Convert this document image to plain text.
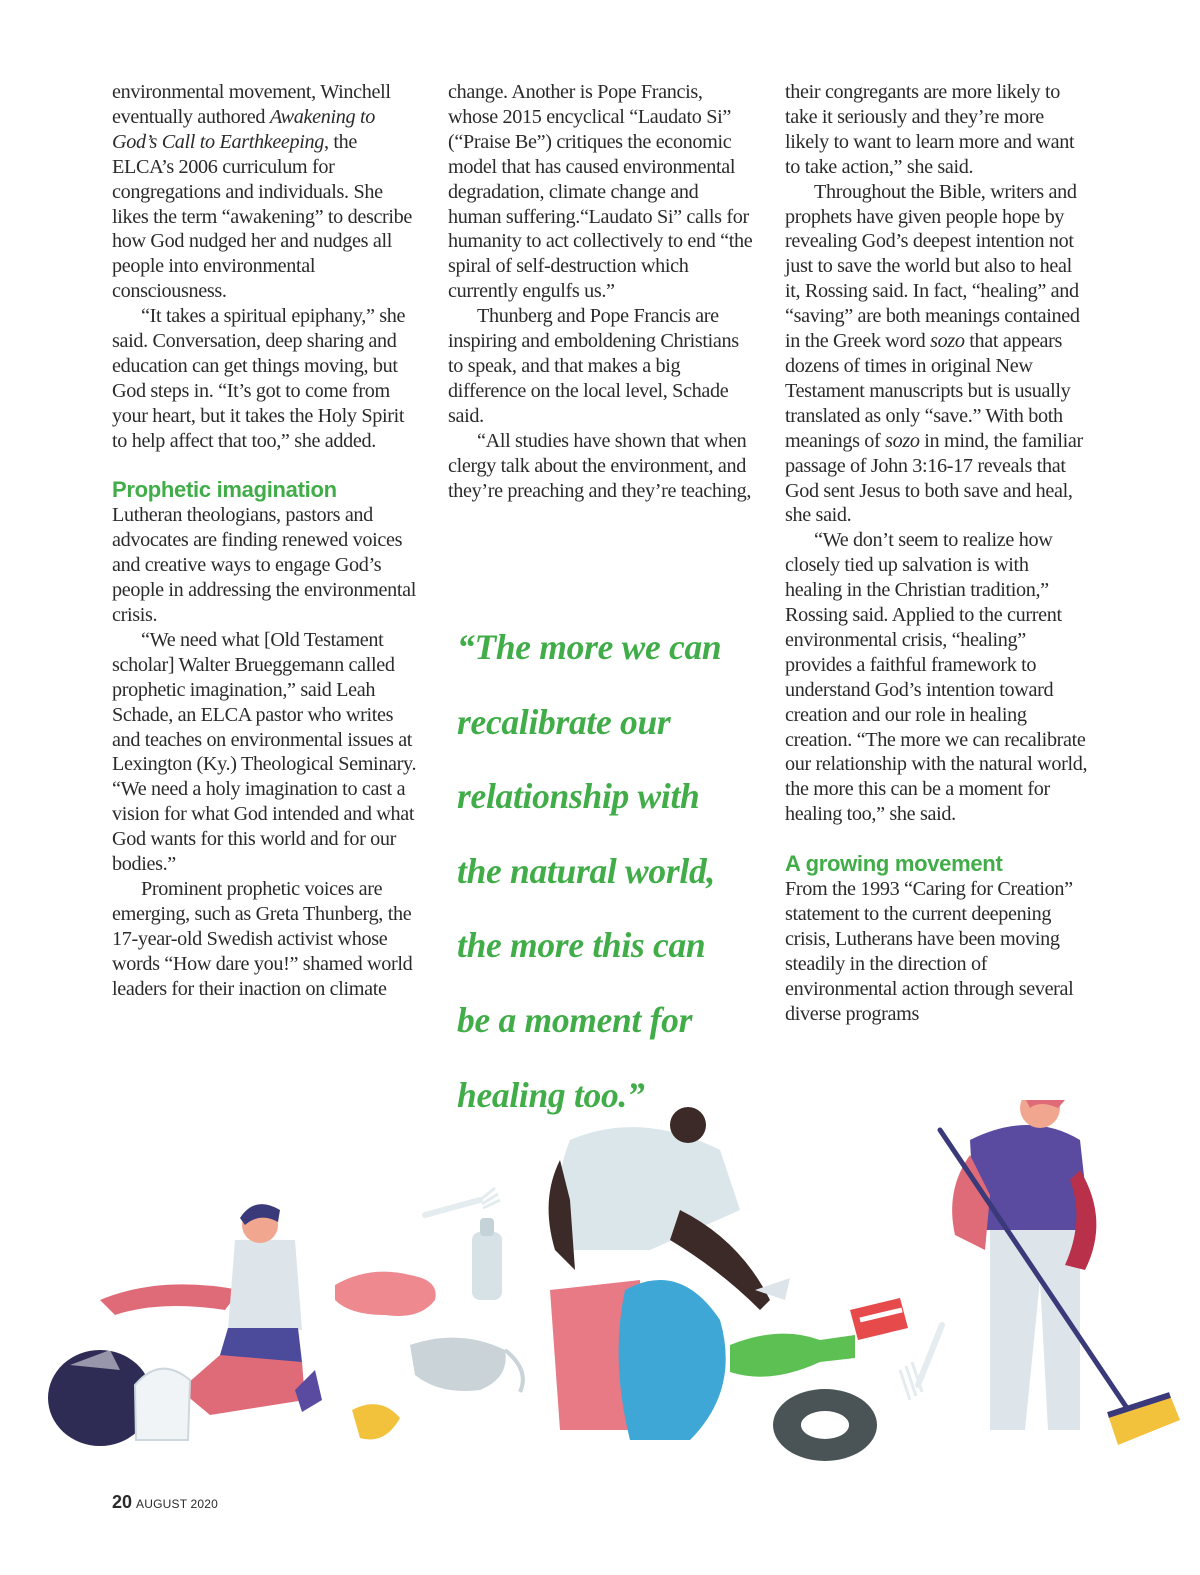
environmental movement, Winchell eventually authored Awakening to God’s Call to Earthkeeping, the ELCA’s 2006 curriculum for congregations and individuals. She likes the term “awakening” to describe how God nudged her and nudges all people into environmental consciousness.

“It takes a spiritual epiphany,” she said. Conversation, deep sharing and education can get things moving, but God steps in. “It’s got to come from your heart, but it takes the Holy Spirit to help affect that too,” she added.

Prophetic imagination

Lutheran theologians, pastors and advocates are finding renewed voices and creative ways to engage God’s people in addressing the environmental crisis.

“We need what [Old Testament scholar] Walter Brueggemann called prophetic imagination,” said Leah Schade, an ELCA pastor who writes and teaches on environmental issues at Lexington (Ky.) Theological Seminary. “We need a holy imagination to cast a vision for what God intended and what God wants for this world and for our bodies.”

Prominent prophetic voices are emerging, such as Greta Thunberg, the 17-year-old Swedish activist whose words “How dare you!” shamed world leaders for their inaction on climate

change. Another is Pope Francis, whose 2015 encyclical “Laudato Si” (“Praise Be”) critiques the economic model that has caused environmental degradation, climate change and human suffering.“Laudato Si” calls for humanity to act collectively to end “the spiral of self-destruction which currently engulfs us.”

Thunberg and Pope Francis are inspiring and emboldening Christians to speak, and that makes a big difference on the local level, Schade said.

“All studies have shown that when clergy talk about the environment, and they’re preaching and they’re teaching,

“The more we can
recalibrate our
relationship with
the natural world,
the more this can
be a moment for
healing too.”

their congregants are more likely to take it seriously and they’re more likely to want to learn more and want to take action,” she said.

Throughout the Bible, writers and prophets have given people hope by revealing God’s deepest intention not just to save the world but also to heal it, Rossing said. In fact, “healing” and “saving” are both meanings contained in the Greek word sozo that appears dozens of times in original New Testament manuscripts but is usually translated as only “save.” With both meanings of sozo in mind, the familiar passage of John 3:16-17 reveals that God sent Jesus to both save and heal, she said.

“We don’t seem to realize how closely tied up salvation is with healing in the Christian tradition,” Rossing said. Applied to the current environmental crisis, “healing” provides a faithful framework to understand God’s intention toward creation and our role in healing creation. “The more we can recalibrate our relationship with the natural world, the more this can be a moment for healing too,” she said.

A growing movement

From the 1993 “Caring for Creation” statement to the current deepening crisis, Lutherans have been moving steadily in the direction of environmental action through several diverse programs

20 AUGUST 2020
